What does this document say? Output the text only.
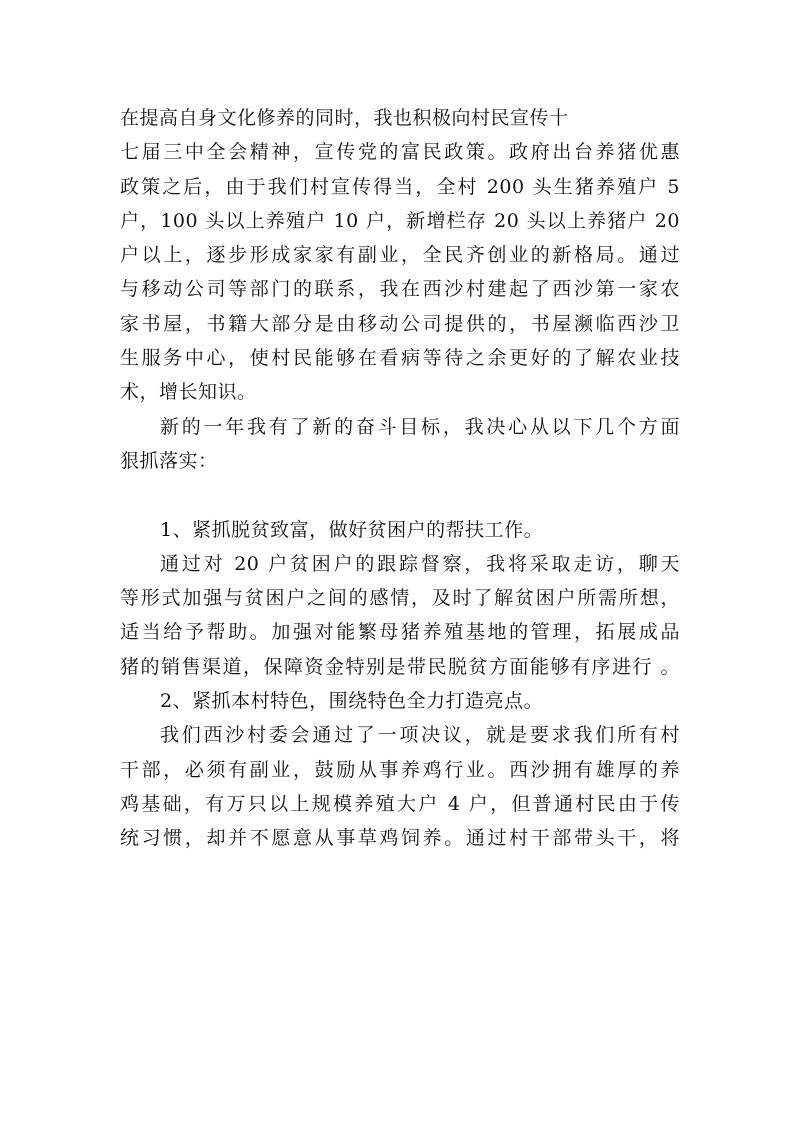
在提高自身文化修养的同时，我也积极向村民宣传十
七届三中全会精神，宣传党的富民政策。政府出台养猪优惠
政策之后，由于我们村宣传得当，全村 200 头生猪养殖户 5
户，100 头以上养殖户 10 户，新增栏存 20 头以上养猪户 20
户以上，逐步形成家家有副业，全民齐创业的新格局。通过
与移动公司等部门的联系，我在西沙村建起了西沙第一家农
家书屋，书籍大部分是由移动公司提供的，书屋濒临西沙卫
生服务中心，使村民能够在看病等待之余更好的了解农业技
术，增长知识。
新的一年我有了新的奋斗目标，我决心从以下几个方面
狠抓落实：
1、紧抓脱贫致富，做好贫困户的帮扶工作。
通过对 20 户贫困户的跟踪督察，我将采取走访，聊天
等形式加强与贫困户之间的感情，及时了解贫困户所需所想，
适当给予帮助。加强对能繁母猪养殖基地的管理，拓展成品
猪的销售渠道，保障资金特别是带民脱贫方面能够有序进行 。
2、紧抓本村特色，围绕特色全力打造亮点。
我们西沙村委会通过了一项决议，就是要求我们所有村
干部，必须有副业，鼓励从事养鸡行业。西沙拥有雄厚的养
鸡基础，有万只以上规模养殖大户 4 户，但普通村民由于传
统习惯，却并不愿意从事草鸡饲养。通过村干部带头干，将
